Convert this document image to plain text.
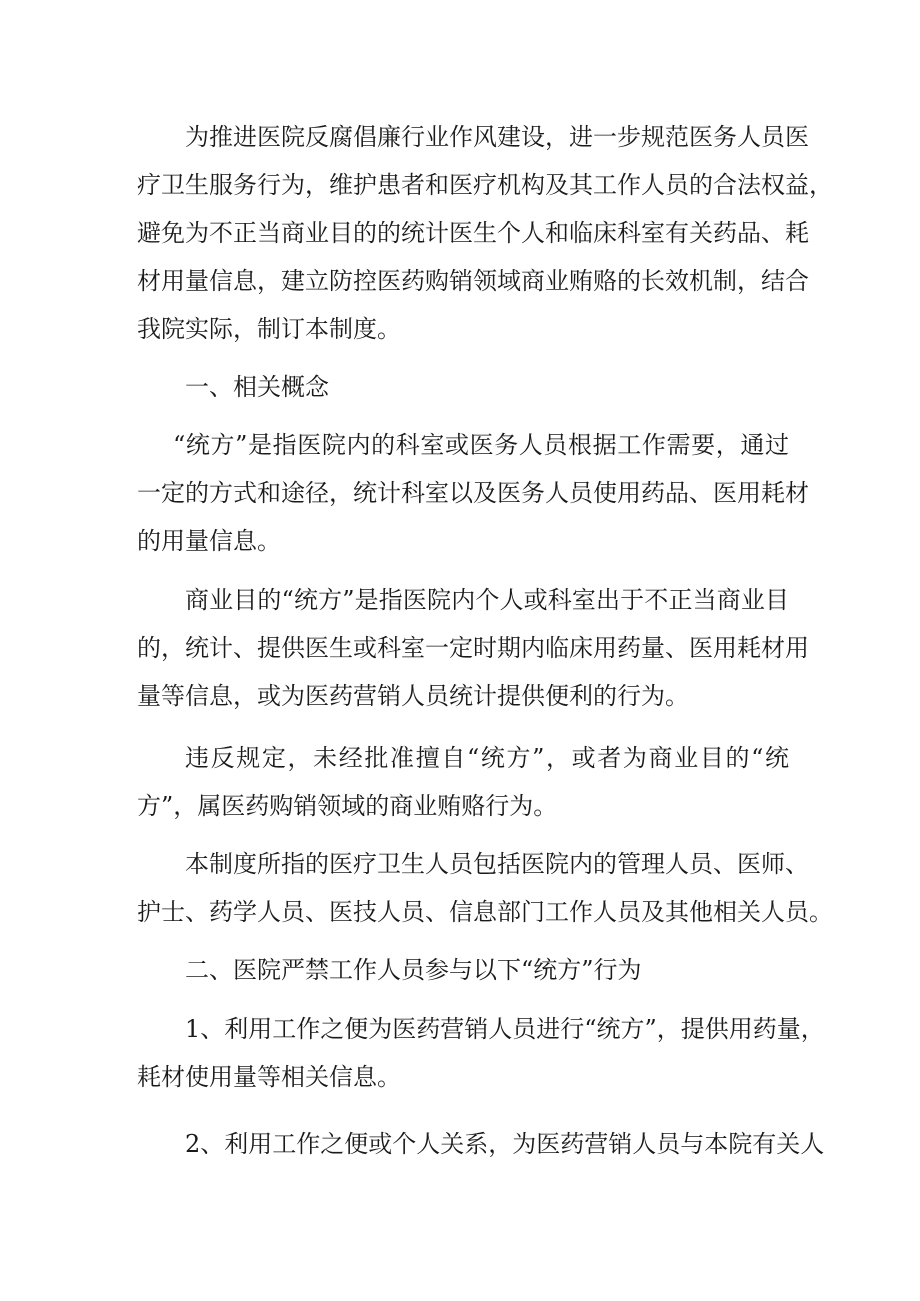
为推进医院反腐倡廉行业作风建设，进一步规范医务人员医
疗卫生服务行为，维护患者和医疗机构及其工作人员的合法权益，
避免为不正当商业目的的统计医生个人和临床科室有关药品、耗
材用量信息，建立防控医药购销领域商业贿赂的长效机制，结合
我院实际，制订本制度。
一、相关概念
“统方”是指医院内的科室或医务人员根据工作需要，通过
一定的方式和途径，统计科室以及医务人员使用药品、医用耗材
的用量信息。
商业目的“统方”是指医院内个人或科室出于不正当商业目
的，统计、提供医生或科室一定时期内临床用药量、医用耗材用
量等信息，或为医药营销人员统计提供便利的行为。
违反规定，未经批准擅自“统方”，或者为商业目的“统
方”，属医药购销领域的商业贿赂行为。
本制度所指的医疗卫生人员包括医院内的管理人员、医师、
护士、药学人员、医技人员、信息部门工作人员及其他相关人员。
二、医院严禁工作人员参与以下“统方”行为
1、利用工作之便为医药营销人员进行“统方”，提供用药量，
耗材使用量等相关信息。
2、利用工作之便或个人关系，为医药营销人员与本院有关人
